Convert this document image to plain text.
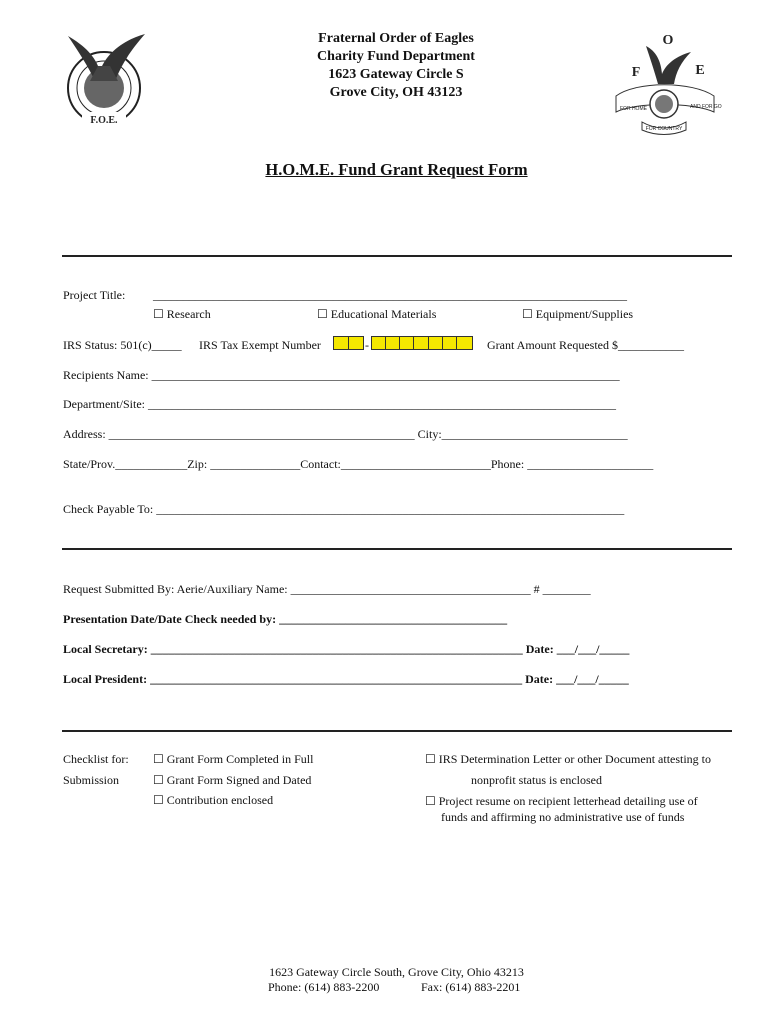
F.O.E.
Fraternal Order of Eagles
Charity Fund Department
1623 Gateway Circle S
Grove City, OH 43123
O
F	E
FOR HOME	AND FOR GOD
FOR COUNTRY
H.O.M.E. Fund Grant Request Form
Project Title: _______________________________________________________________________________
☐ Research	☐ Educational Materials	☐ Equipment/Supplies
IRS Status: 501(c)_____ IRS Tax Exempt Number	-	Grant Amount Requested $___________
Recipients Name: ______________________________________________________________________________
Department/Site: ______________________________________________________________________________
Address: ___________________________________________________ City:_______________________________
State/Prov.____________Zip: _______________Contact:_________________________Phone: _____________________
Check Payable To: ______________________________________________________________________________
Request Submitted By: Aerie/Auxiliary Name: ________________________________________ # ________
Presentation Date/Date Check needed by: ______________________________________
Local Secretary: ______________________________________________________________ Date: ___/___/_____
Local President: ______________________________________________________________ Date: ___/___/_____
Checklist for:
Submission
☐ Grant Form Completed in Full
☐ Grant Form Signed and Dated
☐ Contribution enclosed
☐ IRS Determination Letter or other Document attesting to
nonprofit status is enclosed
☐ Project resume on recipient letterhead detailing use of
funds and affirming no administrative use of funds
1623 Gateway Circle South, Grove City, Ohio 43213
Phone: (614) 883-2200	Fax: (614) 883-2201
